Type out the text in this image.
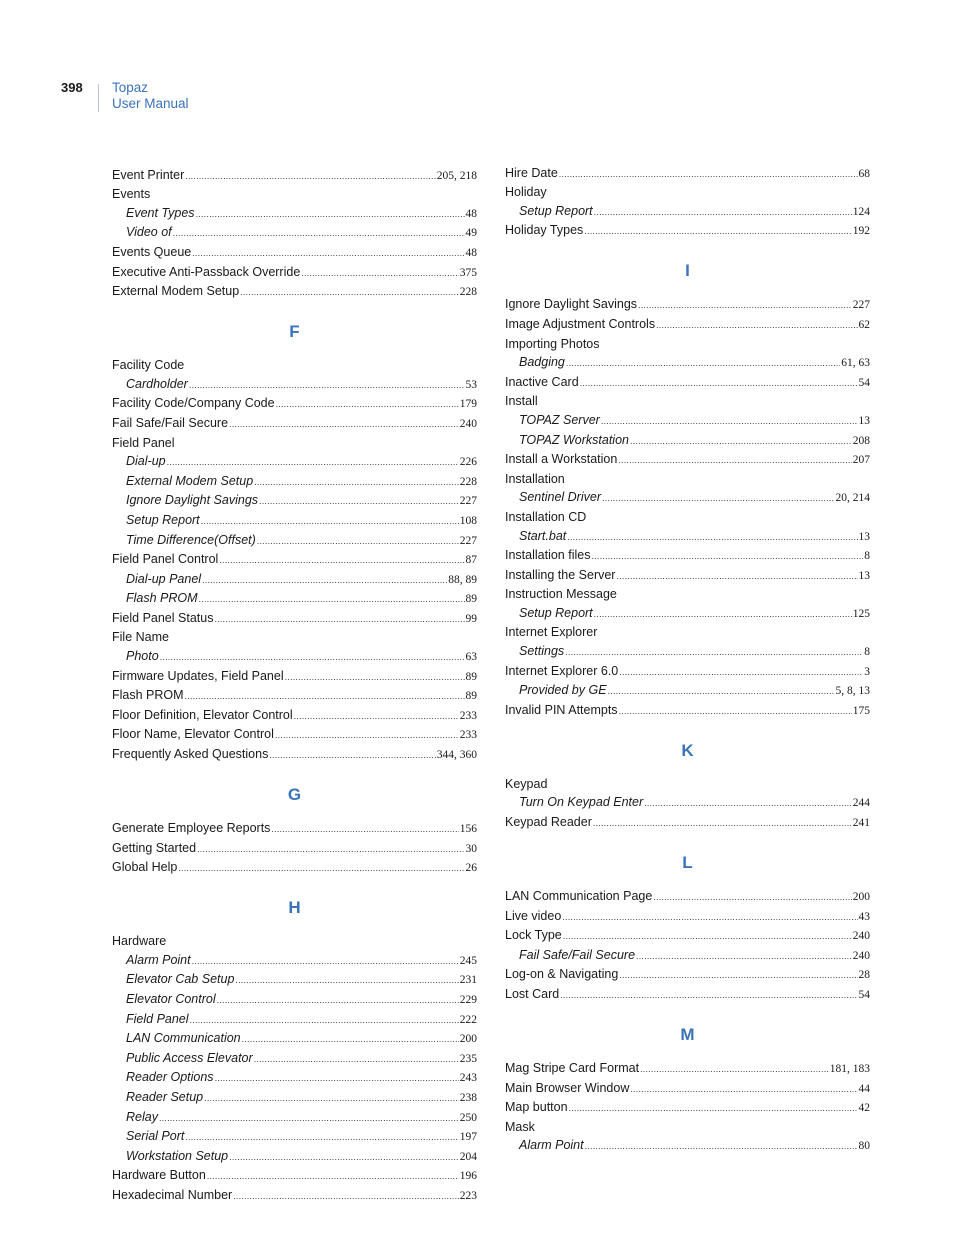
398 Topaz
User Manual
Event Printer .....	205, 218
Events
Event Types .....	48
Video of .....	49
Events Queue .....	48
Executive Anti-Passback Override .....	375
External Modem Setup .....	228
F
Facility Code
Cardholder .....	53
Facility Code/Company Code .....	179
Fail Safe/Fail Secure .....	240
Field Panel
Dial-up .....	226
External Modem Setup .....	228
Ignore Daylight Savings .....	227
Setup Report .....	108
Time Difference(Offset) .....	227
Field Panel Control .....	87
Dial-up Panel .....	88, 89
Flash PROM .....	89
Field Panel Status .....	99
File Name
Photo .....	63
Firmware Updates, Field Panel .....	89
Flash PROM .....	89
Floor Definition, Elevator Control .....	233
Floor Name, Elevator Control .....	233
Frequently Asked Questions .....	344, 360
G
Generate Employee Reports .....	156
Getting Started .....	30
Global Help .....	26
H
Hardware
Alarm Point .....	245
Elevator Cab Setup .....	231
Elevator Control .....	229
Field Panel .....	222
LAN Communication .....	200
Public Access Elevator .....	235
Reader Options .....	243
Reader Setup .....	238
Relay .....	250
Serial Port .....	197
Workstation Setup .....	204
Hardware Button .....	196
Hexadecimal Number .....	223
Hire Date .....	68
Holiday
Setup Report .....	124
Holiday Types .....	192
I
Ignore Daylight Savings .....	227
Image Adjustment Controls .....	62
Importing Photos
Badging .....	61, 63
Inactive Card .....	54
Install
TOPAZ Server .....	13
TOPAZ Workstation .....	208
Install a Workstation .....	207
Installation
Sentinel Driver .....	20, 214
Installation CD
Start.bat .....	13
Installation files .....	8
Installing the Server .....	13
Instruction Message
Setup Report .....	125
Internet Explorer
Settings .....	8
Internet Explorer 6.0 .....	3
Provided by GE .....	5, 8, 13
Invalid PIN Attempts .....	175
K
Keypad
Turn On Keypad Enter .....	244
Keypad Reader .....	241
L
LAN Communication Page .....	200
Live video .....	43
Lock Type .....	240
Fail Safe/Fail Secure .....	240
Log-on & Navigating .....	28
Lost Card .....	54
M
Mag Stripe Card Format .....	181, 183
Main Browser Window .....	44
Map button .....	42
Mask
Alarm Point .....	80
